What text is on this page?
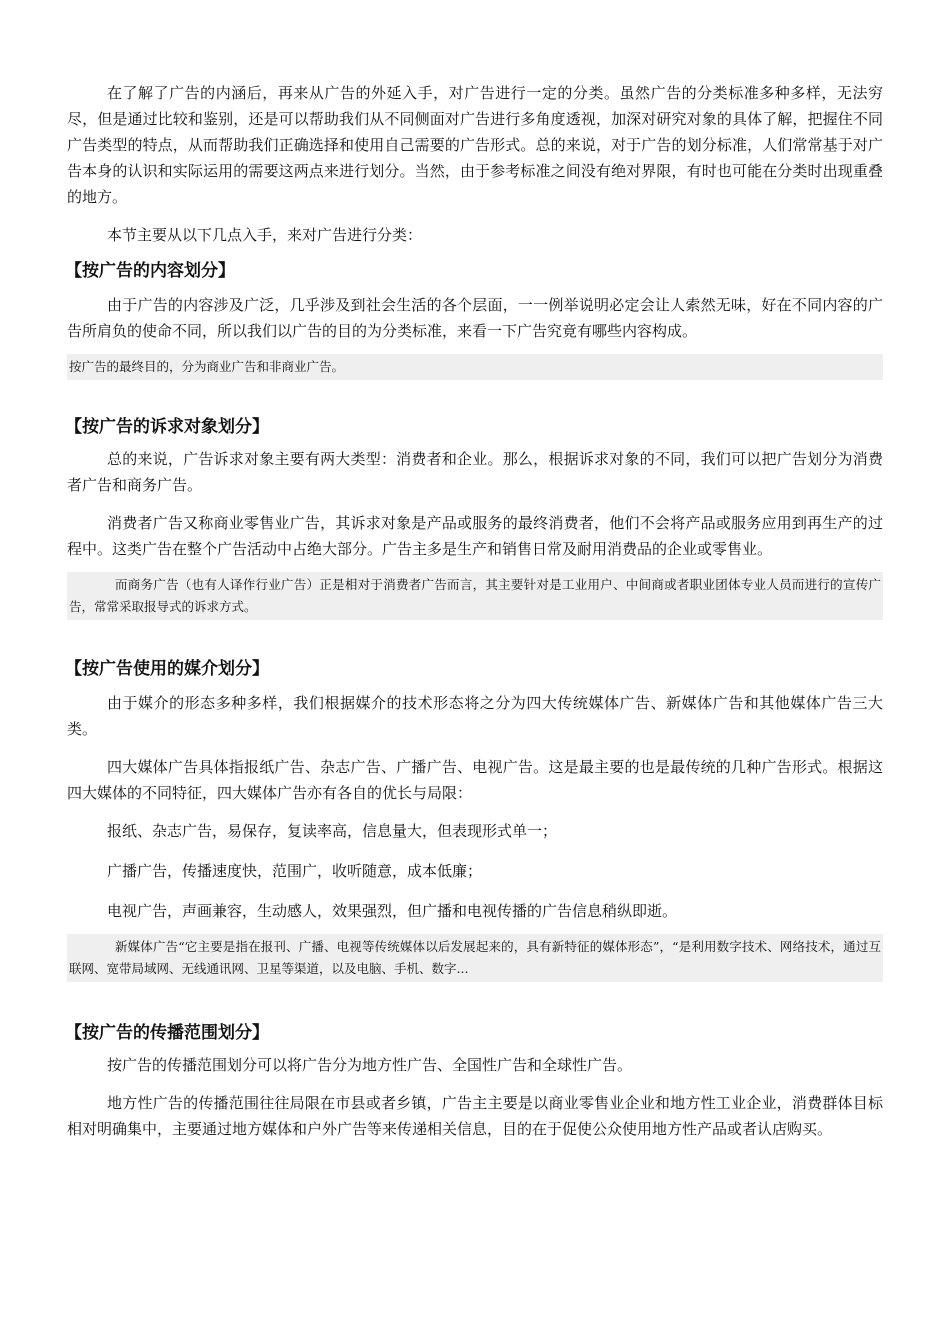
在了解了广告的内涵后，再来从广告的外延入手，对广告进行一定的分类。虽然广告的分类标准多种多样，无法穷尽，但是通过比较和鉴别，还是可以帮助我们从不同侧面对广告进行多角度透视，加深对研究对象的具体了解，把握住不同广告类型的特点，从而帮助我们正确选择和使用自己需要的广告形式。总的来说，对于广告的划分标准，人们常常基于对广告本身的认识和实际运用的需要这两点来进行划分。当然，由于参考标准之间没有绝对界限，有时也可能在分类时出现重叠的地方。

本节主要从以下几点入手，来对广告进行分类：

【按广告的内容划分】

由于广告的内容涉及广泛，几乎涉及到社会生活的各个层面，一一例举说明必定会让人索然无味，好在不同内容的广告所肩负的使命不同，所以我们以广告的目的为分类标准，来看一下广告究竟有哪些内容构成。

按广告的最终目的，分为商业广告和非商业广告。

【按广告的诉求对象划分】

总的来说，广告诉求对象主要有两大类型：消费者和企业。那么，根据诉求对象的不同，我们可以把广告划分为消费者广告和商务广告。

消费者广告又称商业零售业广告，其诉求对象是产品或服务的最终消费者，他们不会将产品或服务应用到再生产的过程中。这类广告在整个广告活动中占绝大部分。广告主多是生产和销售日常及耐用消费品的企业或零售业。

而商务广告（也有人译作行业广告）正是相对于消费者广告而言，其主要针对是工业用户、中间商或者职业团体专业人员而进行的宣传广告，常常采取报导式的诉求方式。

【按广告使用的媒介划分】

由于媒介的形态多种多样，我们根据媒介的技术形态将之分为四大传统媒体广告、新媒体广告和其他媒体广告三大类。

四大媒体广告具体指报纸广告、杂志广告、广播广告、电视广告。这是最主要的也是最传统的几种广告形式。根据这四大媒体的不同特征，四大媒体广告亦有各自的优长与局限：

报纸、杂志广告，易保存，复读率高，信息量大，但表现形式单一；

广播广告，传播速度快，范围广，收听随意，成本低廉；

电视广告，声画兼容，生动感人，效果强烈，但广播和电视传播的广告信息稍纵即逝。

新媒体广告“它主要是指在报刊、广播、电视等传统媒体以后发展起来的，具有新特征的媒体形态”，“是利用数字技术、网络技术，通过互联网、宽带局域网、无线通讯网、卫星等渠道，以及电脑、手机、数字...

【按广告的传播范围划分】

按广告的传播范围划分可以将广告分为地方性广告、全国性广告和全球性广告。

地方性广告的传播范围往往局限在市县或者乡镇，广告主主要是以商业零售业企业和地方性工业企业，消费群体目标相对明确集中，主要通过地方媒体和户外广告等来传递相关信息，目的在于促使公众使用地方性产品或者认店购买。
